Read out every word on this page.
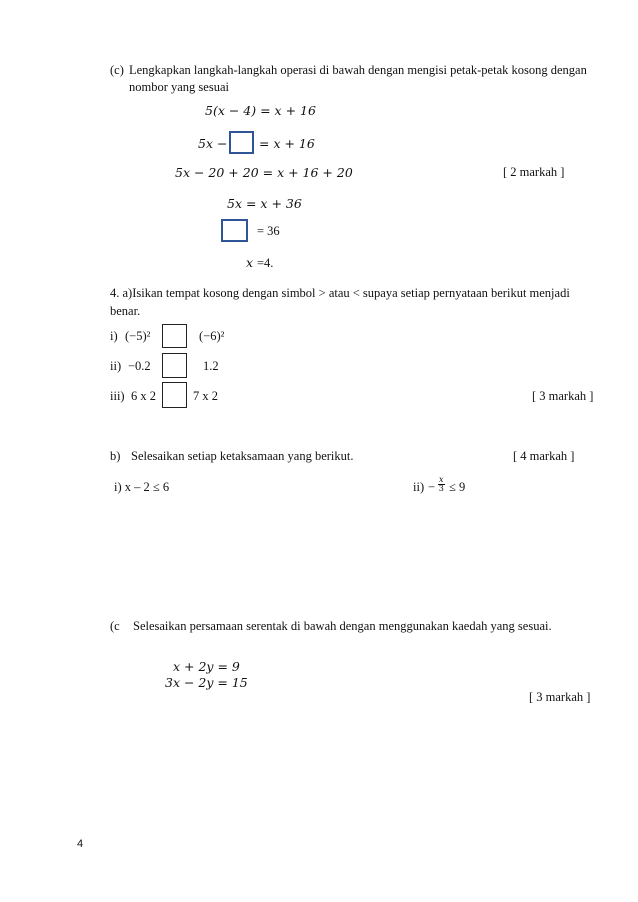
(c) Lengkapkan langkah-langkah operasi di bawah dengan mengisi petak-petak kosong dengan
nombor yang sesuai
5(x − 4) = x + 16
5x −	= x + 16
5x − 20 + 20 = x + 16 + 20	[ 2 markah ]
5x = x + 36
= 36
x =4.
4. a)Isikan tempat kosong dengan simbol > atau < supaya setiap pernyataan berikut menjadi
benar.
i) (−5)²	(−6)²
ii) −0.2	1.2
iii) 6 x 2	7 x 2	[ 3 markah ]
b) Selesaikan setiap ketaksamaan yang berikut.	[ 4 markah ]
i) x – 2 ≤ 6	$ii) - \frac{x}{3} \le 9$
(c Selesaikan persamaan serentak di bawah dengan menggunakan kaedah yang sesuai.
x + 2y = 9
3x − 2y = 15
[ 3 markah ]
4
